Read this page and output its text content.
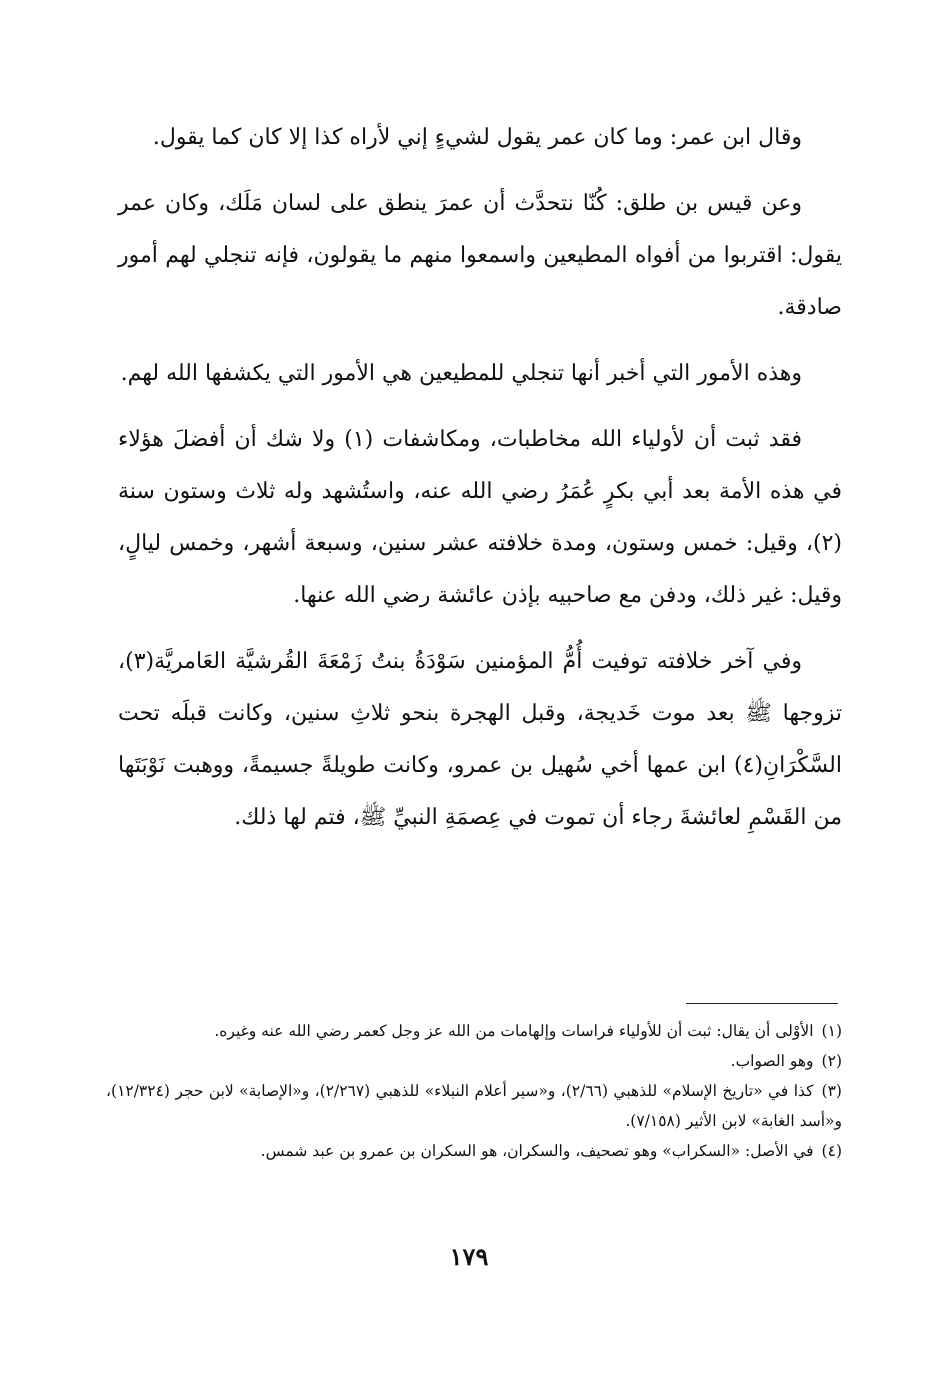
وقال ابن عمر: وما كان عمر يقول لشيءٍ إني لأراه كذا إلا كان كما يقول.

وعن قيس بن طلق: كُنّا نتحدَّث أن عمرَ ينطق على لسان مَلَك، وكان عمر يقول: اقتربوا من أفواه المطيعين واسمعوا منهم ما يقولون، فإنه تنجلي لهم أمور صادقة.

وهذه الأمور التي أخبر أنها تنجلي للمطيعين هي الأمور التي يكشفها الله لهم.

فقد ثبت أن لأولياء الله مخاطبات، ومكاشفات (١) ولا شك أن أفضلَ هؤلاء في هذه الأمة بعد أبي بكرٍ عُمَرُ رضي الله عنه، واستُشهد وله ثلاث وستون سنة (٢)، وقيل: خمس وستون، ومدة خلافته عشر سنين، وسبعة أشهر، وخمس ليالٍ، وقيل: غير ذلك، ودفن مع صاحبيه بإذن عائشة رضي الله عنها.

وفي آخر خلافته توفيت أُمُّ المؤمنين سَوْدَةُ بنتُ زَمْعَةَ القُرشيَّة العَامريَّة(٣)، تزوجها ﷺ بعد موت خَديجة، وقبل الهجرة بنحو ثلاثِ سنين، وكانت قبلَه تحت السَّكْرَانِ(٤) ابن عمها أخي سُهيل بن عمرو، وكانت طويلةً جسيمةً، ووهبت نَوْبَتَها من القَسْمِ لعائشةَ رجاء أن تموت في عِصمَةِ النبيِّ ﷺ، فتم لها ذلك.

(١)الأوْلى أن يقال: ثبت أن للأولياء فراسات وإلهامات من الله عز وجل كعمر رضي الله عنه وغيره.

(٢)وهو الصواب.

(٣)كذا في «تاريخ الإسلام» للذهبي (٢/٦٦)، و«سير أعلام النبلاء» للذهبي (٢/٢٦٧)، و«الإصابة» لابن حجر (١٢/٣٢٤)، و«أسد الغابة» لابن الأثير (٧/١٥٨).

(٤)في الأصل: «السكراب» وهو تصحيف، والسكران، هو السكران بن عمرو بن عبد شمس.

١٧٩
